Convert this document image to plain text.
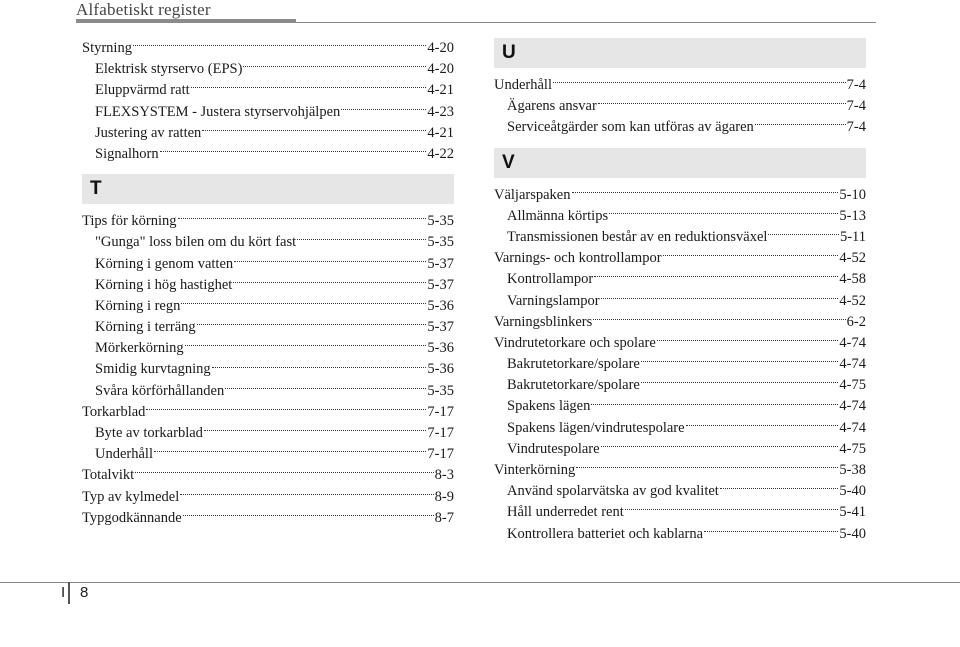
Alfabetiskt register
Styrning	4-20
Elektrisk styrservo (EPS)	4-20
Eluppvärmd ratt	4-21
FLEXSYSTEM - Justera styrservohjälpen	4-23
Justering av ratten	4-21
Signalhorn	4-22
T
Tips för körning	5-35
"Gunga" loss bilen om du kört fast	5-35
Körning i genom vatten	5-37
Körning i hög hastighet	5-37
Körning i regn	5-36
Körning i terräng	5-37
Mörkerkörning	5-36
Smidig kurvtagning	5-36
Svåra körförhållanden	5-35
Torkarblad	7-17
Byte av torkarblad	7-17
Underhåll	7-17
Totalvikt	8-3
Typ av kylmedel	8-9
Typgodkännande	8-7
U
Underhåll	7-4
Ägarens ansvar	7-4
Serviceåtgärder som kan utföras av ägaren	7-4
V
Väljarspaken	5-10
Allmänna körtips	5-13
Transmissionen består av en reduktionsväxel	5-11
Varnings- och kontrollampor	4-52
Kontrollampor	4-58
Varningslampor	4-52
Varningsblinkers	6-2
Vindrutetorkare och spolare	4-74
Bakrutetorkare/spolare	4-74
Bakrutetorkare/spolare	4-75
Spakens lägen	4-74
Spakens lägen/vindrutespolare	4-74
Vindrutespolare	4-75
Vinterkörning	5-38
Använd spolarvätska av god kvalitet	5-40
Håll underredet rent	5-41
Kontrollera batteriet och kablarna	5-40
I 8
